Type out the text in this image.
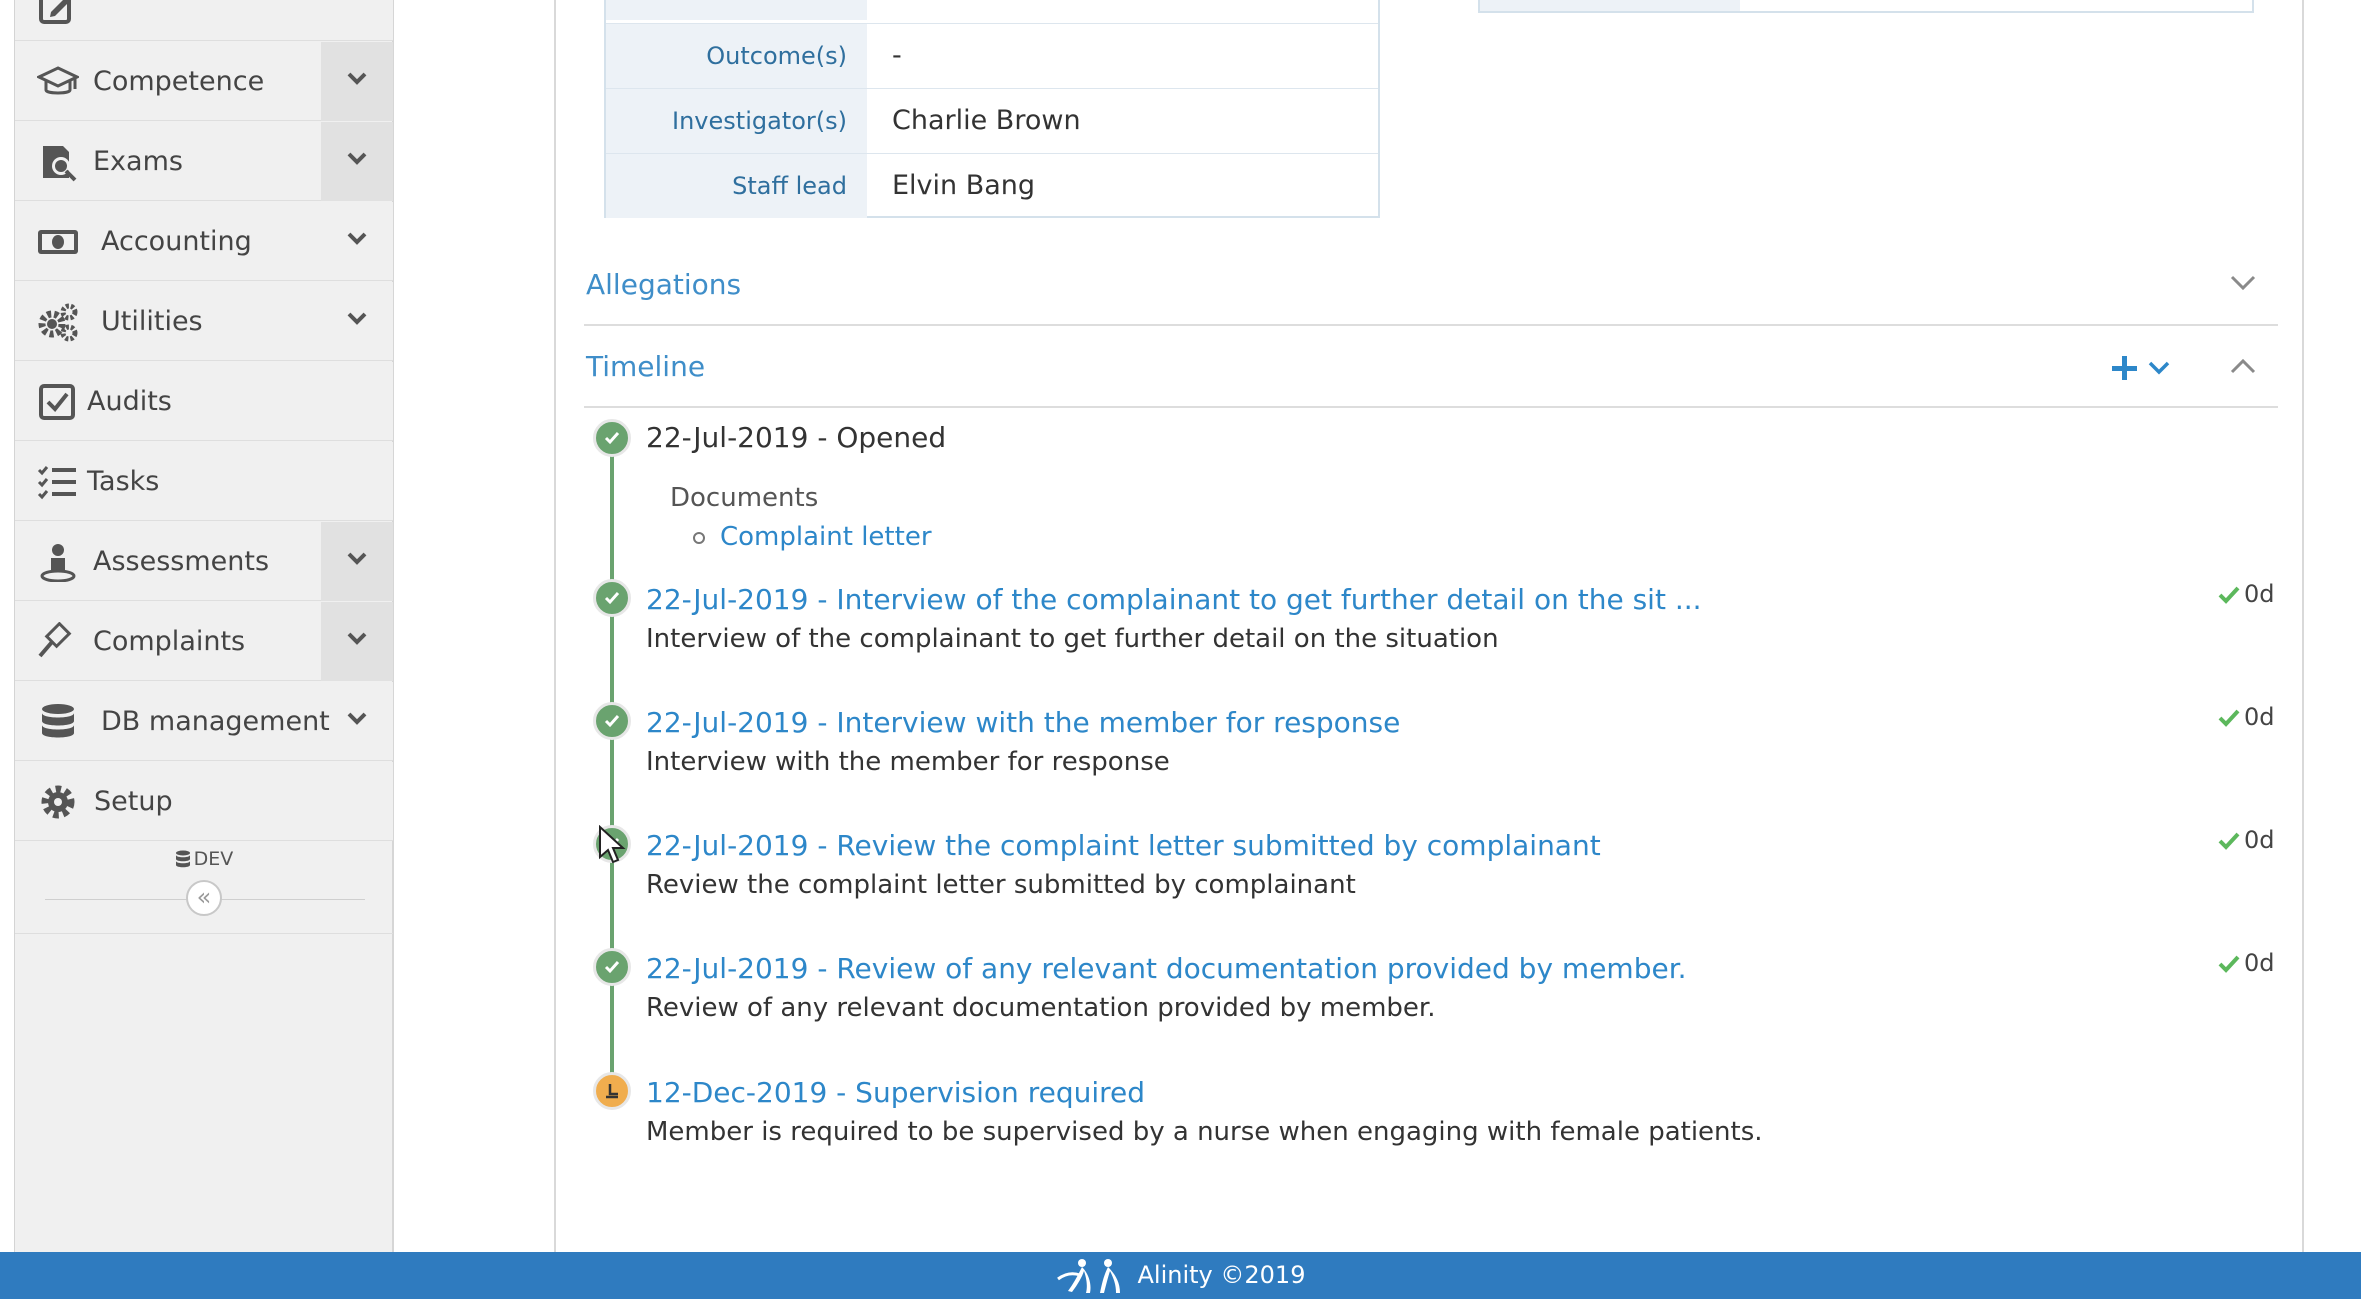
Competence
Exams
Accounting
Utilities
Audits
Tasks
Assessments
Complaints
DB management
Setup
DEV
«
Outcome(s)	-
Investigator(s)	Charlie Brown
Staff lead	Elvin Bang
Allegations
Timeline
22-Jul-2019 - Opened
Documents
Complaint letter
22-Jul-2019 - Interview of the complainant to get further detail on the sit ...
Interview of the complainant to get further detail on the situation
0d
22-Jul-2019 - Interview with the member for response
Interview with the member for response
0d
22-Jul-2019 - Review the complaint letter submitted by complainant
Review the complaint letter submitted by complainant
0d
22-Jul-2019 - Review of any relevant documentation provided by member.
Review of any relevant documentation provided by member.
0d
12-Dec-2019 - Supervision required
Member is required to be supervised by a nurse when engaging with female patients.
Alinity ©2019
